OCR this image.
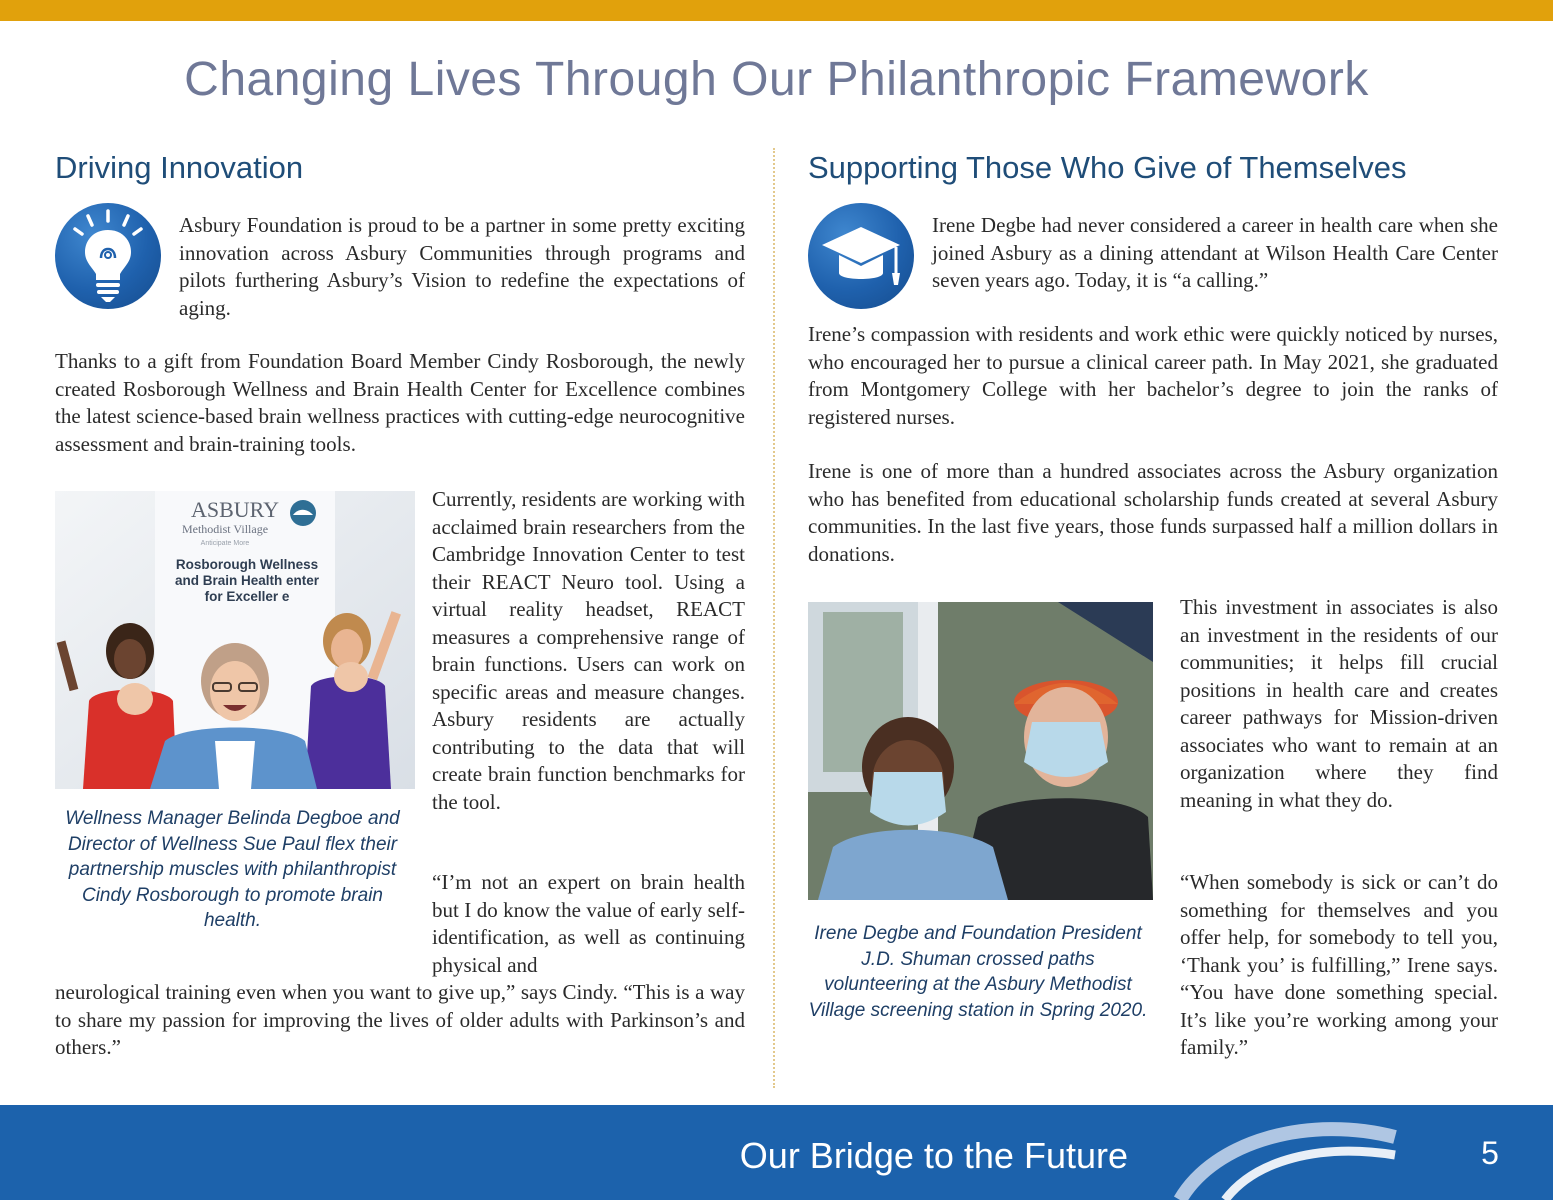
Changing Lives Through Our Philanthropic Framework
Driving Innovation

Asbury Foundation is proud to be a partner in some pretty exciting innovation across Asbury Communities through programs and pilots furthering Asbury’s Vision to redefine the expectations of aging.

Thanks to a gift from Foundation Board Member Cindy Rosborough, the newly created Rosborough Wellness and Brain Health Center for Excellence combines the latest science-based brain wellness practices with cutting-edge neurocognitive assessment and brain-training tools.

ASBURY
Methodist Village
Anticipate More
Rosborough Wellness
and Brain Health enter
for Exceller e

Wellness Manager Belinda Degboe and Director of Wellness Sue Paul flex their partnership muscles with philanthropist Cindy Rosborough to promote brain health.

Currently, residents are working with acclaimed brain researchers from the Cambridge Innovation Center to test their REACT Neuro tool. Using a virtual reality headset, REACT measures a comprehensive range of brain functions. Users can work on specific areas and measure changes. Asbury residents are actually contributing to the data that will create brain function benchmarks for the tool.

“I’m not an expert on brain health but I do know the value of early self-identification, as well as continuing physical and

neurological training even when you want to give up,” says Cindy. “This is a way to share my passion for improving the lives of older adults with Parkinson’s and others.”

Supporting Those Who Give of Themselves

Irene Degbe had never considered a career in health care when she joined Asbury as a dining attendant at Wilson Health Care Center seven years ago. Today, it is “a calling.”

Irene’s compassion with residents and work ethic were quickly noticed by nurses, who encouraged her to pursue a clinical career path. In May 2021, she graduated from Montgomery College with her bachelor’s degree to join the ranks of registered nurses.

Irene is one of more than a hundred associates across the Asbury organization who has benefited from educational scholarship funds created at several Asbury communities. In the last five years, those funds surpassed half a million dollars in donations.

Irene Degbe and Foundation President J.D. Shuman crossed paths volunteering at the Asbury Methodist Village screening station in Spring 2020.

This investment in associates is also an investment in the residents of our communities; it helps fill crucial positions in health care and creates career pathways for Mission-driven associates who want to remain at an organization where they find meaning in what they do.

“When somebody is sick or can’t do something for themselves and you offer help, for somebody to tell you, ‘Thank you’ is fulfilling,” Irene says. “You have done something special. It’s like you’re working among your family.”

Our Bridge to the Future	5
